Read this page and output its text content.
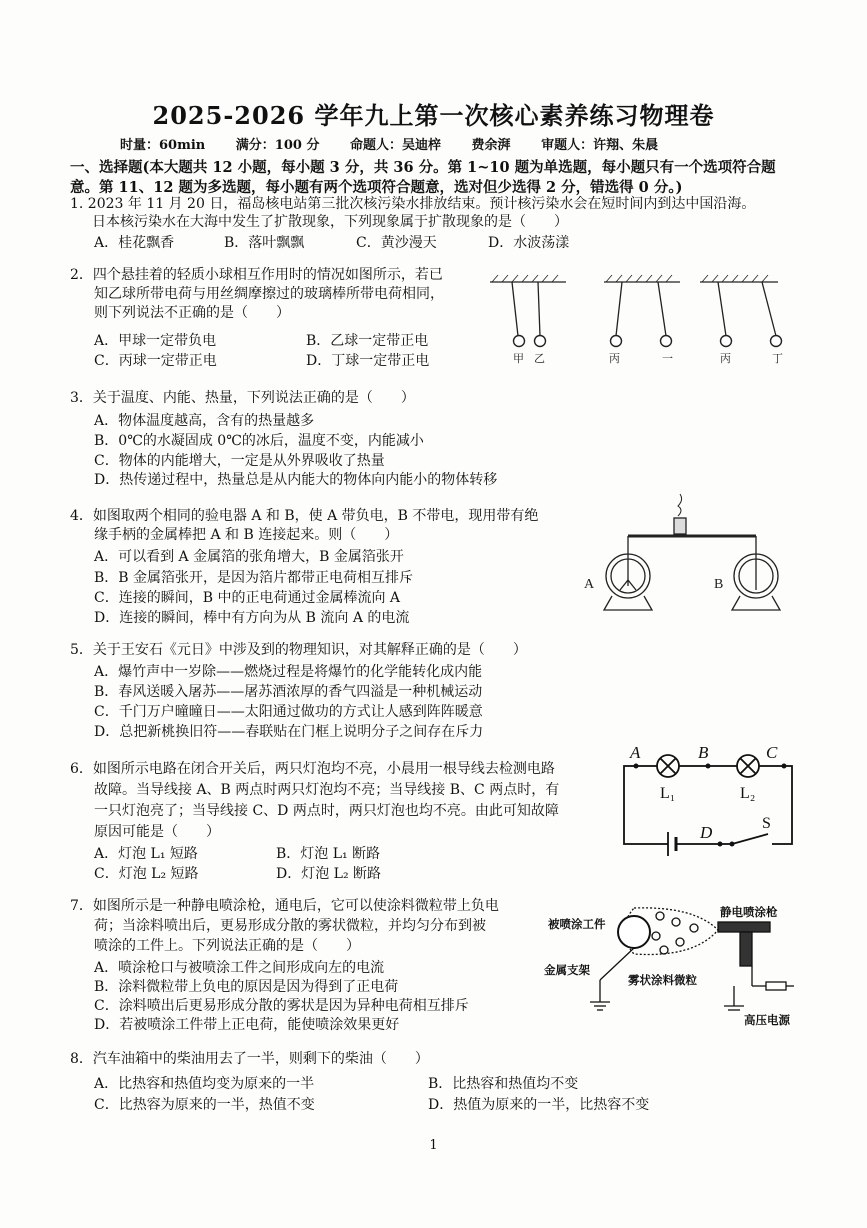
2025-2026 学年九上第一次核心素养练习物理卷
时量：60min 满分：100 分 命题人：吴迪梓 费余湃 审题人：许翔、朱晨
一、选择题(本大题共 12 小题，每小题 3 分，共 36 分。第 1~10 题为单选题，每小题只有一个选项符合题
意。第 11、12 题为多选题，每小题有两个选项符合题意，选对但少选得 2 分，错选得 0 分。)
1. 2023 年 11 月 20 日，福岛核电站第三批次核污染水排放结束。预计核污染水会在短时间内到达中国沿海。
日本核污染水在大海中发生了扩散现象，下列现象属于扩散现象的是（　　）
A．桂花飘香	B．落叶飘飘	C．黄沙漫天	D．水波荡漾
2．四个悬挂着的轻质小球相互作用时的情况如图所示，若已
知乙球所带电荷与用丝绸摩擦过的玻璃棒所带电荷相同，
则下列说法不正确的是（　　）
A．甲球一定带负电	B．乙球一定带正电
C．丙球一定带正电	D．丁球一定带正电	甲 乙	丙	一	丙	丁
3．关于温度、内能、热量，下列说法正确的是（　　）
A．物体温度越高，含有的热量越多
B．0℃的水凝固成 0℃的冰后，温度不变，内能减小
C．物体的内能增大，一定是从外界吸收了热量
D．热传递过程中，热量总是从内能大的物体向内能小的物体转移
4．如图取两个相同的验电器 A 和 B，使 A 带负电，B 不带电，现用带有绝
缘手柄的金属棒把 A 和 B 连接起来。则（　　）
A．可以看到 A 金属箔的张角增大，B 金属箔张开
B．B 金属箔张开，是因为箔片都带正电荷相互排斥
C．连接的瞬间，B 中的正电荷通过金属棒流向 A
D．连接的瞬间，棒中有方向为从 B 流向 A 的电流
A	B
5．关于王安石《元日》中涉及到的物理知识，对其解释正确的是（　　）
A．爆竹声中一岁除——燃烧过程是将爆竹的化学能转化成内能
B．春风送暖入屠苏——屠苏酒浓厚的香气四溢是一种机械运动
C．千门万户曈曈日——太阳通过做功的方式让人感到阵阵暖意
D．总把新桃换旧符——春联贴在门框上说明分子之间存在斥力
6．如图所示电路在闭合开关后，两只灯泡均不亮，小晨用一根导线去检测电路
故障。当导线接 A、B 两点时两只灯泡均不亮；当导线接 B、C 两点时，有
一只灯泡亮了；当导线接 C、D 两点时，两只灯泡也均不亮。由此可知故障
原因可能是（　　）
A．灯泡 L₁ 短路	B．灯泡 L₁ 断路
C．灯泡 L₂ 短路	D．灯泡 L₂ 断路
A	B	C
D
L₁	L₂
S
7．如图所示是一种静电喷涂枪，通电后，它可以使涂料微粒带上负电
荷；当涂料喷出后，更易形成分散的雾状微粒，并均匀分布到被
喷涂的工件上。下列说法正确的是（　　）
A．喷涂枪口与被喷涂工件之间形成向左的电流
B．涂料微粒带上负电的原因是因为得到了正电荷
C．涂料喷出后更易形成分散的雾状是因为异种电荷相互排斥
D．若被喷涂工件带上正电荷，能使喷涂效果更好
被喷涂工件
静电喷涂枪
金属支架
雾状涂料微粒
高压电源
8．汽车油箱中的柴油用去了一半，则剩下的柴油（　　）
A．比热容和热值均变为原来的一半	B．比热容和热值均不变
C．比热容为原来的一半，热值不变	D．热值为原来的一半，比热容不变
1
